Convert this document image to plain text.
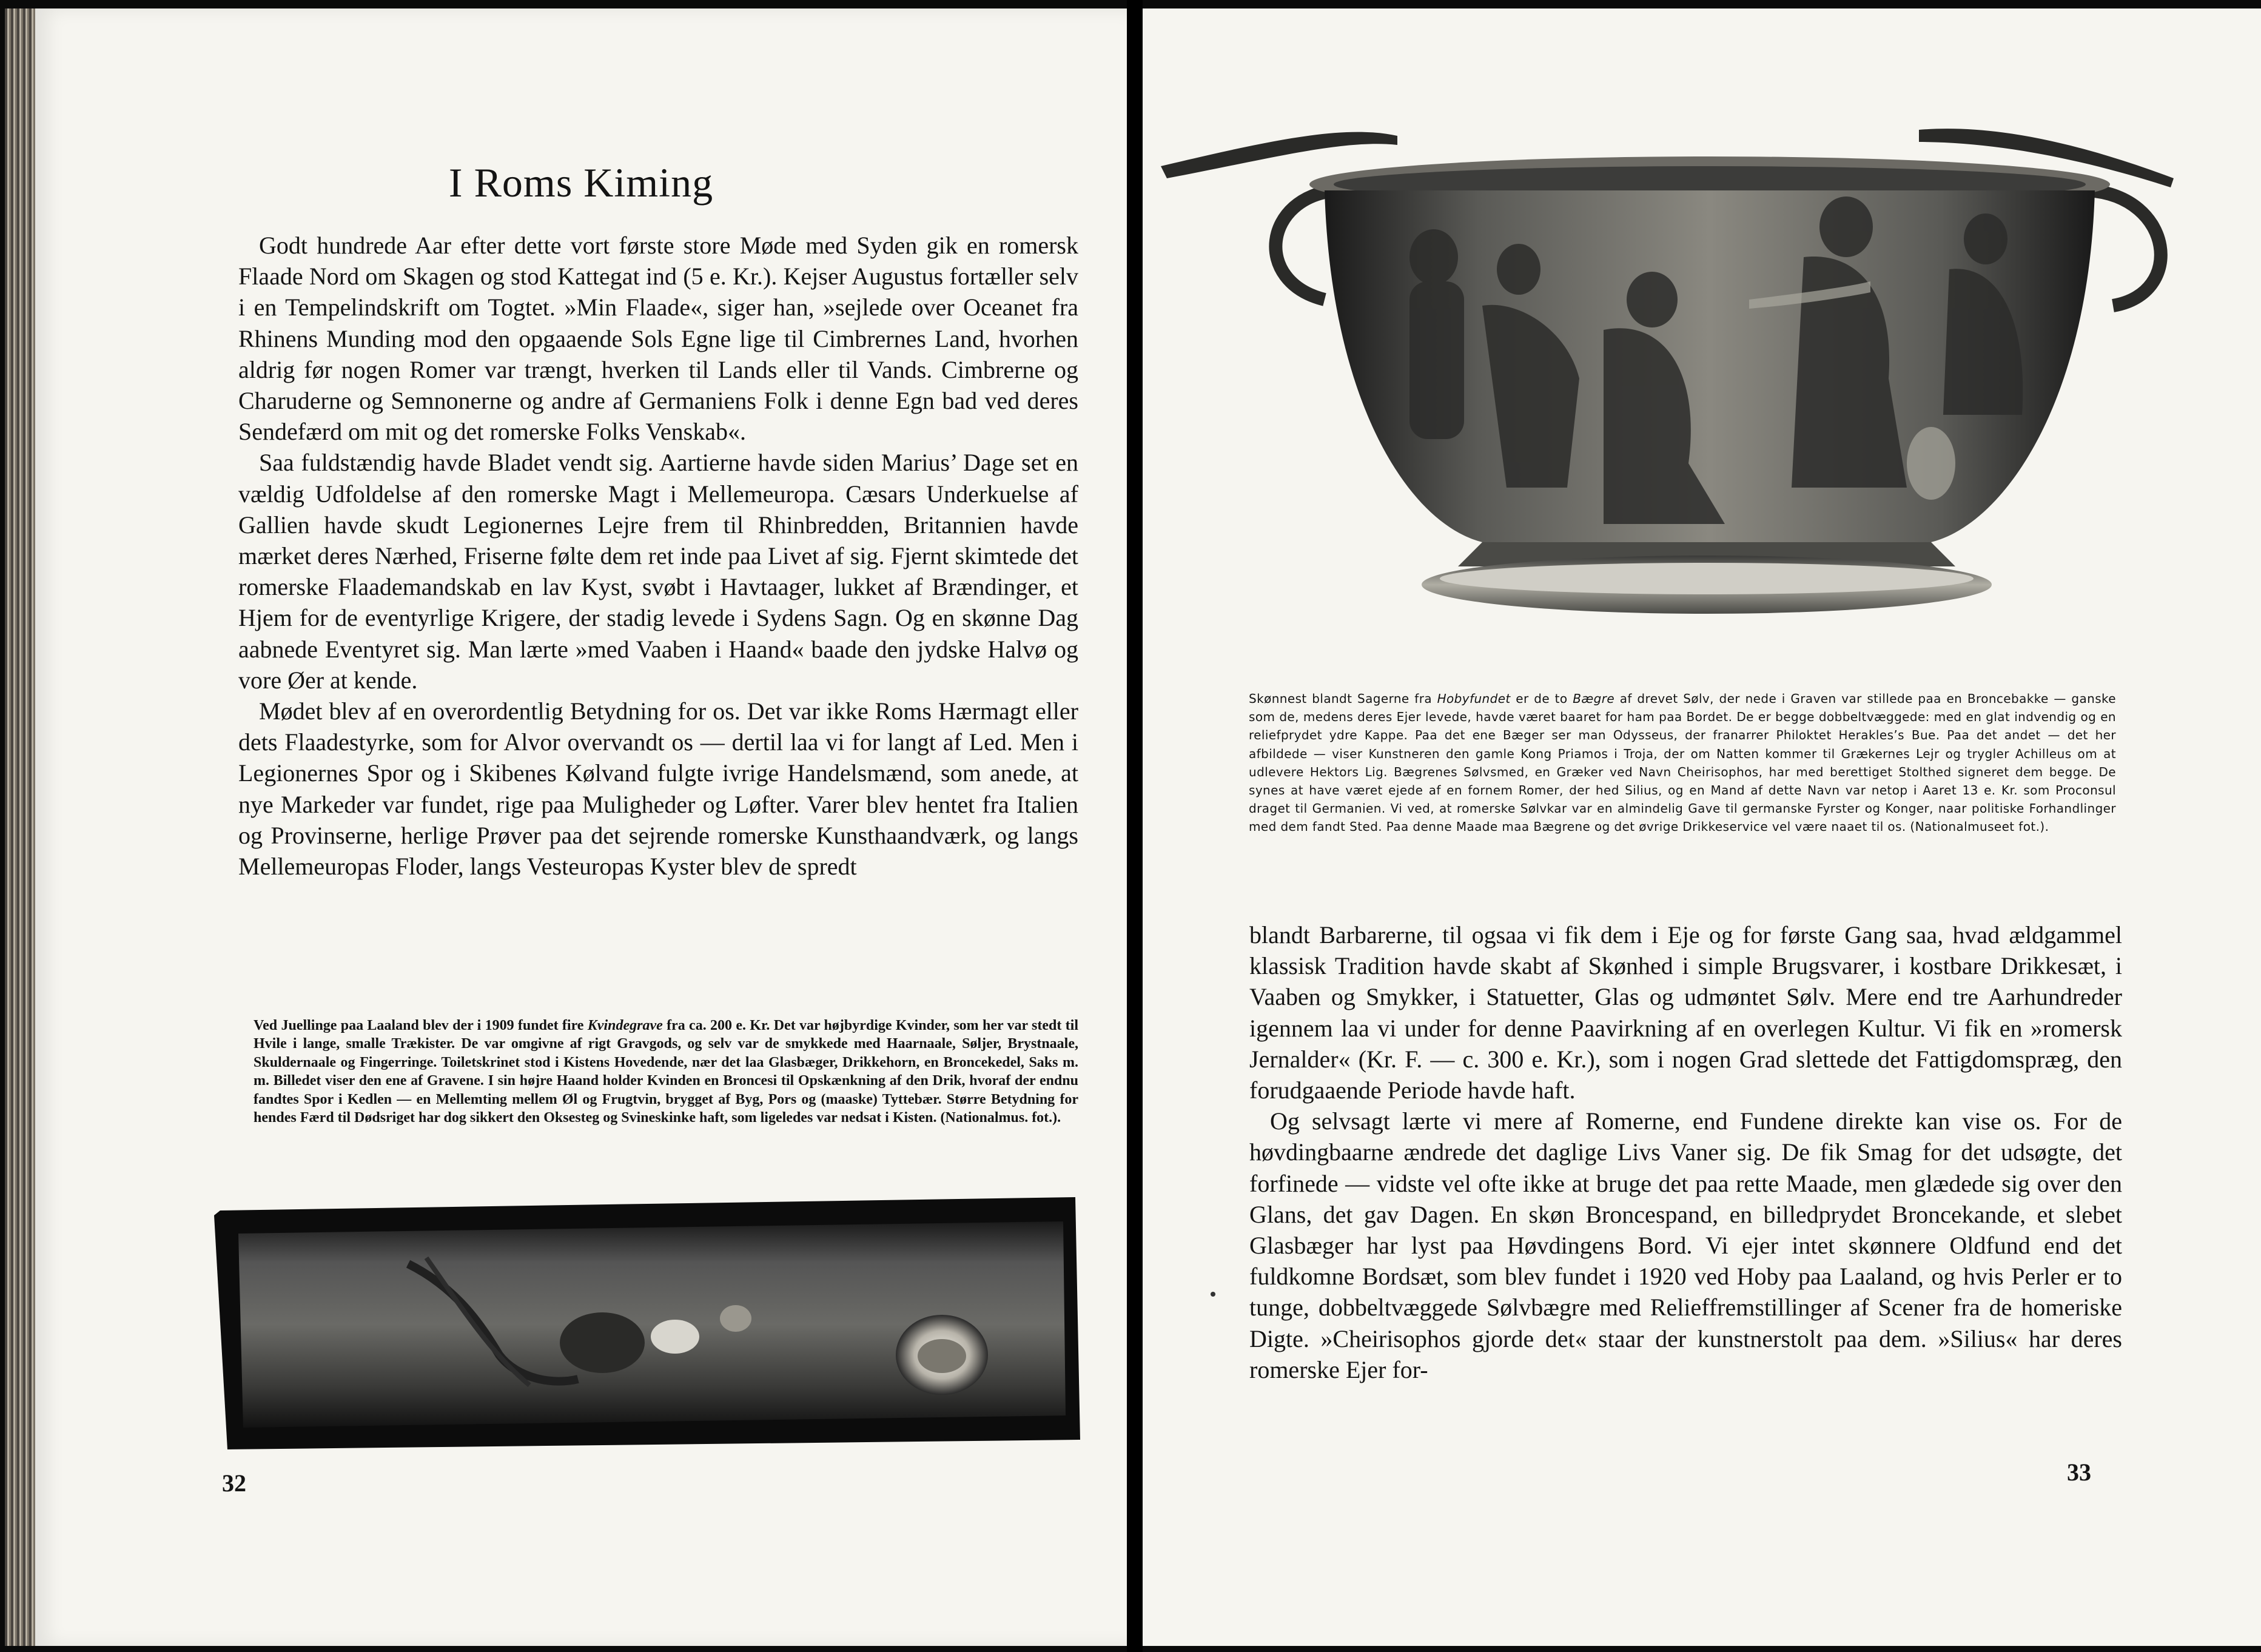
I Roms Kiming

Godt hundrede Aar efter dette vort første store Møde med Syden gik en romersk Flaade Nord om Skagen og stod Kattegat ind (5 e. Kr.). Kejser Augustus fortæller selv i en Tempelindskrift om Togtet. »Min Flaade«, siger han, »sejlede over Oceanet fra Rhinens Munding mod den opgaaende Sols Egne lige til Cimbrernes Land, hvorhen aldrig før nogen Romer var trængt, hverken til Lands eller til Vands. Cimbrerne og Charuderne og Semnonerne og andre af Germaniens Folk i denne Egn bad ved deres Sendefærd om mit og det romerske Folks Venskab«.

Saa fuldstændig havde Bladet vendt sig. Aartierne havde siden Marius’ Dage set en vældig Udfoldelse af den romerske Magt i Mellemeuropa. Cæsars Underkuelse af Gallien havde skudt Legionernes Lejre frem til Rhinbredden, Britannien havde mærket deres Nærhed, Friserne følte dem ret inde paa Livet af sig. Fjernt skimtede det romerske Flaademandskab en lav Kyst, svøbt i Havtaager, lukket af Brændinger, et Hjem for de eventyrlige Krigere, der stadig levede i Sydens Sagn. Og en skønne Dag aabnede Eventyret sig. Man lærte »med Vaaben i Haand« baade den jydske Halvø og vore Øer at kende.

Mødet blev af en overordentlig Betydning for os. Det var ikke Roms Hærmagt eller dets Flaadestyrke, som for Alvor overvandt os — dertil laa vi for langt af Led. Men i Legionernes Spor og i Skibenes Kølvand fulgte ivrige Handelsmænd, som anede, at nye Markeder var fundet, rige paa Muligheder og Løfter. Varer blev hentet fra Italien og Provinserne, herlige Prøver paa det sejrende romerske Kunsthaandværk, og langs Mellemeuropas Floder, langs Vesteuropas Kyster blev de spredt

Ved Juellinge paa Laaland blev der i 1909 fundet fire Kvindegrave fra ca. 200 e. Kr. Det var højbyrdige Kvinder, som her var stedt til Hvile i lange, smalle Trækister. De var omgivne af rigt Gravgods, og selv var de smykkede med Haarnaale, Søljer, Brystnaale, Skuldernaale og Fingerringe. Toiletskrinet stod i Kistens Hovedende, nær det laa Glasbæger, Drikkehorn, en Broncekedel, Saks m. m. Billedet viser den ene af Gravene. I sin højre Haand holder Kvinden en Broncesi til Opskænkning af den Drik, hvoraf der endnu fandtes Spor i Kedlen — en Mellemting mellem Øl og Frugtvin, brygget af Byg, Pors og (maaske) Tyttebær. Større Betydning for hendes Færd til Dødsriget har dog sikkert den Oksesteg og Svineskinke haft, som ligeledes var nedsat i Kisten. (Nationalmus. fot.).
32
Skønnest blandt Sagerne fra Hobyfundet er de to Bægre af drevet Sølv, der nede i Graven var stillede paa en Broncebakke — ganske som de, medens deres Ejer levede, havde været baaret for ham paa Bordet. De er begge dobbeltvæggede: med en glat indvendig og en reliefprydet ydre Kappe. Paa det ene Bæger ser man Odysseus, der franarrer Philoktet Herakles’s Bue. Paa det andet — det her afbildede — viser Kunstneren den gamle Kong Priamos i Troja, der om Natten kommer til Grækernes Lejr og trygler Achilleus om at udlevere Hektors Lig. Bægrenes Sølvsmed, en Græker ved Navn Cheirisophos, har med berettiget Stolthed signeret dem begge. De synes at have været ejede af en fornem Romer, der hed Silius, og en Mand af dette Navn var netop i Aaret 13 e. Kr. som Proconsul draget til Germanien. Vi ved, at romerske Sølvkar var en almindelig Gave til germanske Fyrster og Konger, naar politiske Forhandlinger med dem fandt Sted. Paa denne Maade maa Bægrene og det øvrige Drikkeservice vel være naaet til os. (Nationalmuseet fot.).

blandt Barbarerne, til ogsaa vi fik dem i Eje og for første Gang saa, hvad ældgammel klassisk Tradition havde skabt af Skønhed i simple Brugsvarer, i kostbare Drikkesæt, i Vaaben og Smykker, i Statuetter, Glas og udmøntet Sølv. Mere end tre Aarhundreder igennem laa vi under for denne Paavirkning af en overlegen Kultur. Vi fik en »romersk Jernalder« (Kr. F. — c. 300 e. Kr.), som i nogen Grad slettede det Fattigdomspræg, den forudgaaende Periode havde haft.

Og selvsagt lærte vi mere af Romerne, end Fundene direkte kan vise os. For de høvdingbaarne ændrede det daglige Livs Vaner sig. De fik Smag for det udsøgte, det forfinede — vidste vel ofte ikke at bruge det paa rette Maade, men glædede sig over den Glans, det gav Dagen. En skøn Broncespand, en billedprydet Broncekande, et slebet Glasbæger har lyst paa Høvdingens Bord. Vi ejer intet skønnere Oldfund end det fuldkomne Bordsæt, som blev fundet i 1920 ved Hoby paa Laaland, og hvis Perler er to tunge, dobbeltvæggede Sølvbægre med Relieffremstillinger af Scener fra de homeriske Digte. »Cheirisophos gjorde det« staar der kunstnerstolt paa dem. »Silius« har deres romerske Ejer for-

33
